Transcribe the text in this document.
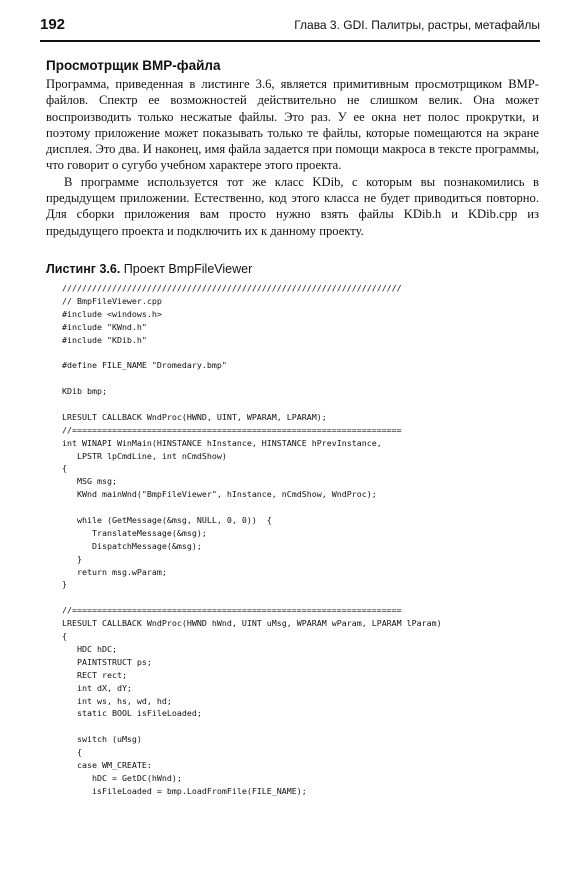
192	Глава 3. GDI. Палитры, растры, метафайлы
Просмотрщик BMP-файла

Программа, приведенная в листинге 3.6, является примитивным просмотрщиком BMP-файлов. Спектр ее возможностей действительно не слишком велик. Она может воспроизводить только несжатые файлы. Это раз. У ее окна нет полос прокрутки, и поэтому приложение может показывать только те файлы, которые помещаются на экране дисплея. Это два. И наконец, имя файла задается при помощи макроса в тексте программы, что говорит о сугубо учебном характере этого проекта.

В программе используется тот же класс KDib, с которым вы познакомились в предыдущем приложении. Естественно, код этого класса не будет приводиться повторно. Для сборки приложения вам просто нужно взять файлы KDib.h и KDib.cpp из предыдущего проекта и подключить их к данному проекту.

Листинг 3.6. Проект BmpFileViewer
////////////////////////////////////////////////////////////////////
// BmpFileViewer.cpp
#include <windows.h>
#include "KWnd.h"
#include "KDib.h"
#define FILE_NAME "Dromedary.bmp"
KDib bmp;
LRESULT CALLBACK WndProc(HWND, UINT, WPARAM, LPARAM);
//==================================================================
int WINAPI WinMain(HINSTANCE hInstance, HINSTANCE hPrevInstance,
LPSTR lpCmdLine, int nCmdShow)
{
MSG msg;
KWnd mainWnd("BmpFileViewer", hInstance, nCmdShow, WndProc);
while (GetMessage(&msg, NULL, 0, 0))  {
TranslateMessage(&msg);
DispatchMessage(&msg);
}
return msg.wParam;
}
//==================================================================
LRESULT CALLBACK WndProc(HWND hWnd, UINT uMsg, WPARAM wParam, LPARAM lParam)
{
HDC hDC;
PAINTSTRUCT ps;
RECT rect;
int dX, dY;
int ws, hs, wd, hd;
static BOOL isFileLoaded;
switch (uMsg)
{
case WM_CREATE:
hDC = GetDC(hWnd);
isFileLoaded = bmp.LoadFromFile(FILE_NAME);
